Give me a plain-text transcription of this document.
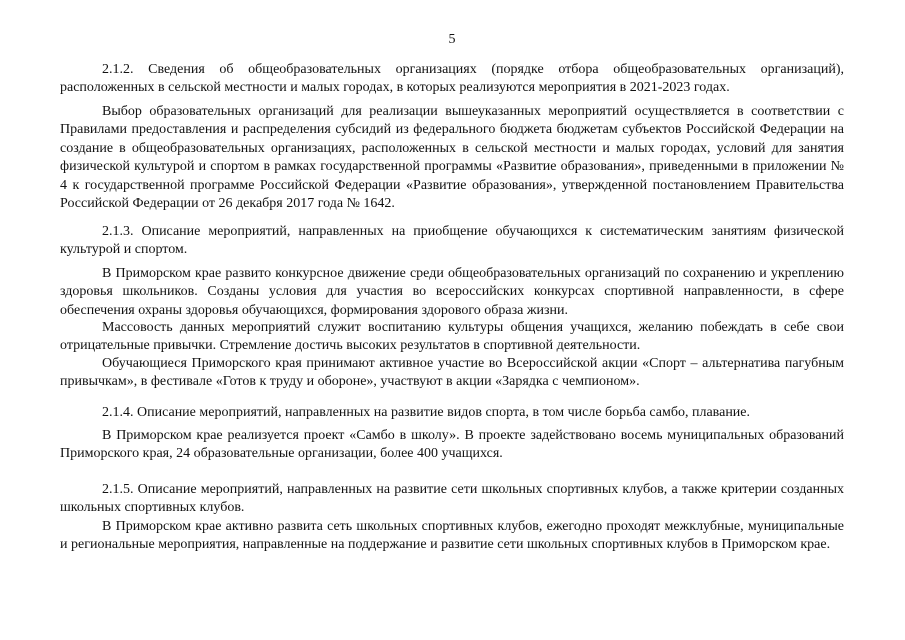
5

2.1.2. Сведения об общеобразовательных организациях (порядке отбора общеобразовательных организаций), расположенных в сельской местности и малых городах, в которых реализуются мероприятия в 2021-2023 годах.

Выбор образовательных организаций для реализации вышеуказанных мероприятий осуществляется в соответствии с Правилами предоставления и распределения субсидий из федерального бюджета бюджетам субъектов Российской Федерации на создание в общеобразовательных организациях, расположенных в сельской местности и малых городах, условий для занятия физической культурой и спортом в рамках государственной программы «Развитие образования», приведенными в приложении № 4 к государственной программе Российской Федерации «Развитие образования», утвержденной постановлением Правительства Российской Федерации от 26 декабря 2017 года № 1642.

2.1.3. Описание мероприятий, направленных на приобщение обучающихся к систематическим занятиям физической культурой и спортом.

В Приморском крае развито конкурсное движение среди общеобразовательных организаций по сохранению и укреплению здоровья школьников. Созданы условия для участия во всероссийских конкурсах спортивной направленности, в сфере обеспечения охраны здоровья обучающихся, формирования здорового образа жизни.

Массовость данных мероприятий служит воспитанию культуры общения учащихся, желанию побеждать в себе свои отрицательные привычки. Стремление достичь высоких результатов в спортивной деятельности.

Обучающиеся Приморского края принимают активное участие во Всероссийской акции «Спорт – альтернатива пагубным привычкам», в фестивале «Готов к труду и обороне», участвуют в акции «Зарядка с чемпионом».

2.1.4. Описание мероприятий, направленных на развитие видов спорта, в том числе борьба самбо, плавание.

В Приморском крае реализуется проект «Самбо в школу». В проекте задействовано восемь муниципальных образований Приморского края, 24 образовательные организации, более 400 учащихся.

2.1.5. Описание мероприятий, направленных на развитие сети школьных спортивных клубов, а также критерии созданных школьных спортивных клубов.

В Приморском крае активно развита сеть школьных спортивных клубов, ежегодно проходят межклубные, муниципальные и региональные мероприятия, направленные на поддержание и развитие сети школьных спортивных клубов в Приморском крае.
